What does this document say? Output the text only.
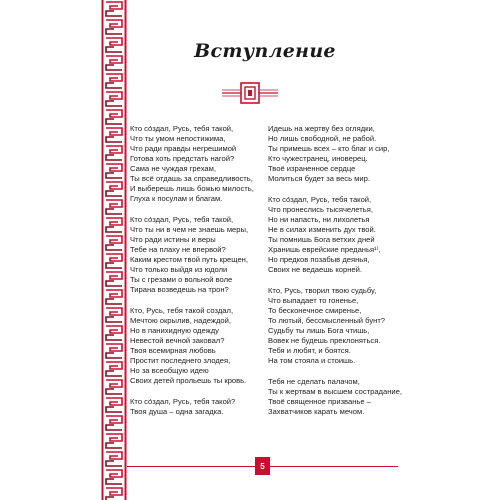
Вступление
Кто со́здал, Русь, тебя такой,
Что ты умом непостижима,
Что ради правды негрешимой
Готова хоть предстать нагой?
Сама не чуждая грехам,
Ты всё отдашь за справедливость,
И выберешь лишь божью милость,
Глуха к посулам и благам.
Кто со́здал, Русь, тебя такой,
Что ты ни в чем не знаешь меры,
Что ради истины и веры
Тебе на плаху не впервой?
Каким крестом твой путь крещен,
Что только выйдя из юдоли
Ты с грезами о вольной воле
Тирана возведешь на трон?
Кто, Русь, тебя такой создал,
Мечтою окрылив, надеждой,
Но в панихидную одежду
Невестой вечной заковал?
Твоя всемирная любовь
Простит последнего злодея,
Но за всеобщую идею
Своих детей прольешь ты кровь.
Кто со́здал, Русь, тебя такой?
Твоя душа – одна загадка.
Идешь на жертву без оглядки,
Но лишь свободной, не рабой.
Ты примешь всех – кто благ и сир,
Кто чужестранец, иноверец.
Твоё израненное сердце
Молиться будет за весь мир.
Кто со́здал, Русь, тебя такой,
Что пронеслись тысячелетья,
Но ни напасть, ни лихолетья
Не в силах изменить дух твой.
Ты помнишь Бога ветхих дней
Хранишь еврейские преданья¹⁾,
Но предков позабыв деянья,
Своих не ведаешь корней.
Кто, Русь, творил твою судьбу,
Что выпадает то гоненье,
То бесконечное смиренье,
То лютый, бессмысленный бунт?
Судьбу ты лишь Бога чтишь,
Вовек не будешь преклоняться.
Тебя и любят, и боятся.
На том стояла и стоишь.
Тебя не сделать палачом,
Ты к жертвам в высшем сострадание,
Твоё священное призванье –
Захватчиков карать мечом.
5
